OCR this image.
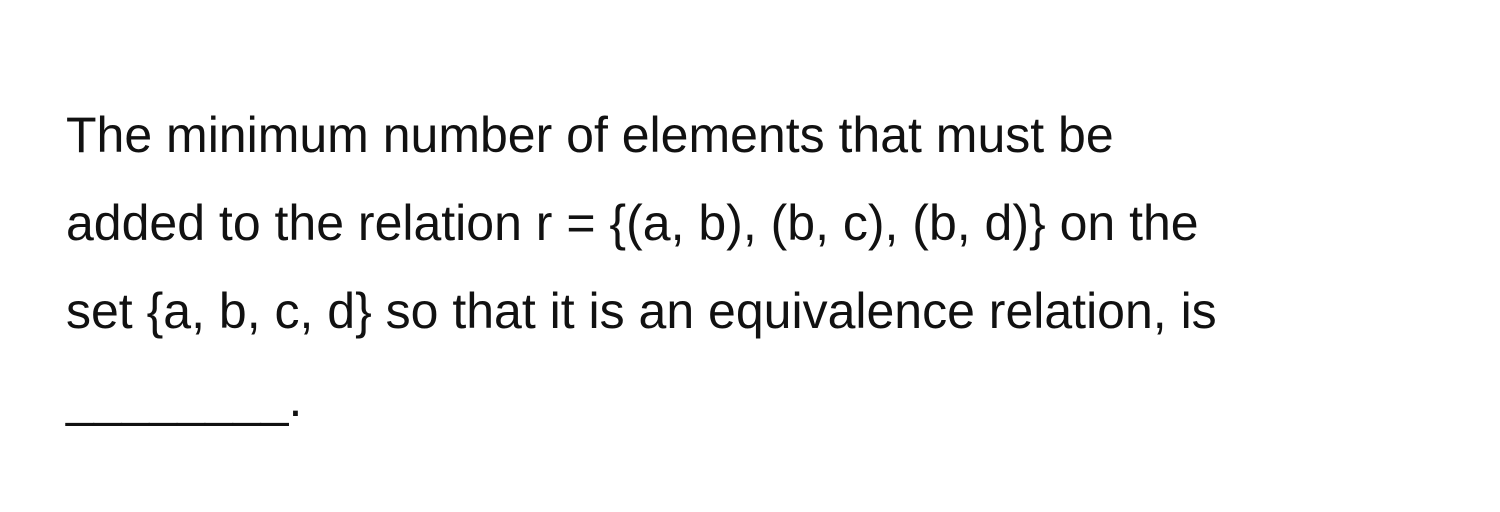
The minimum number of elements that must be
added to the relation r = {(a, b), (b, c), (b, d)} on the
set {a, b, c, d} so that it is an equivalence relation, is
________.
